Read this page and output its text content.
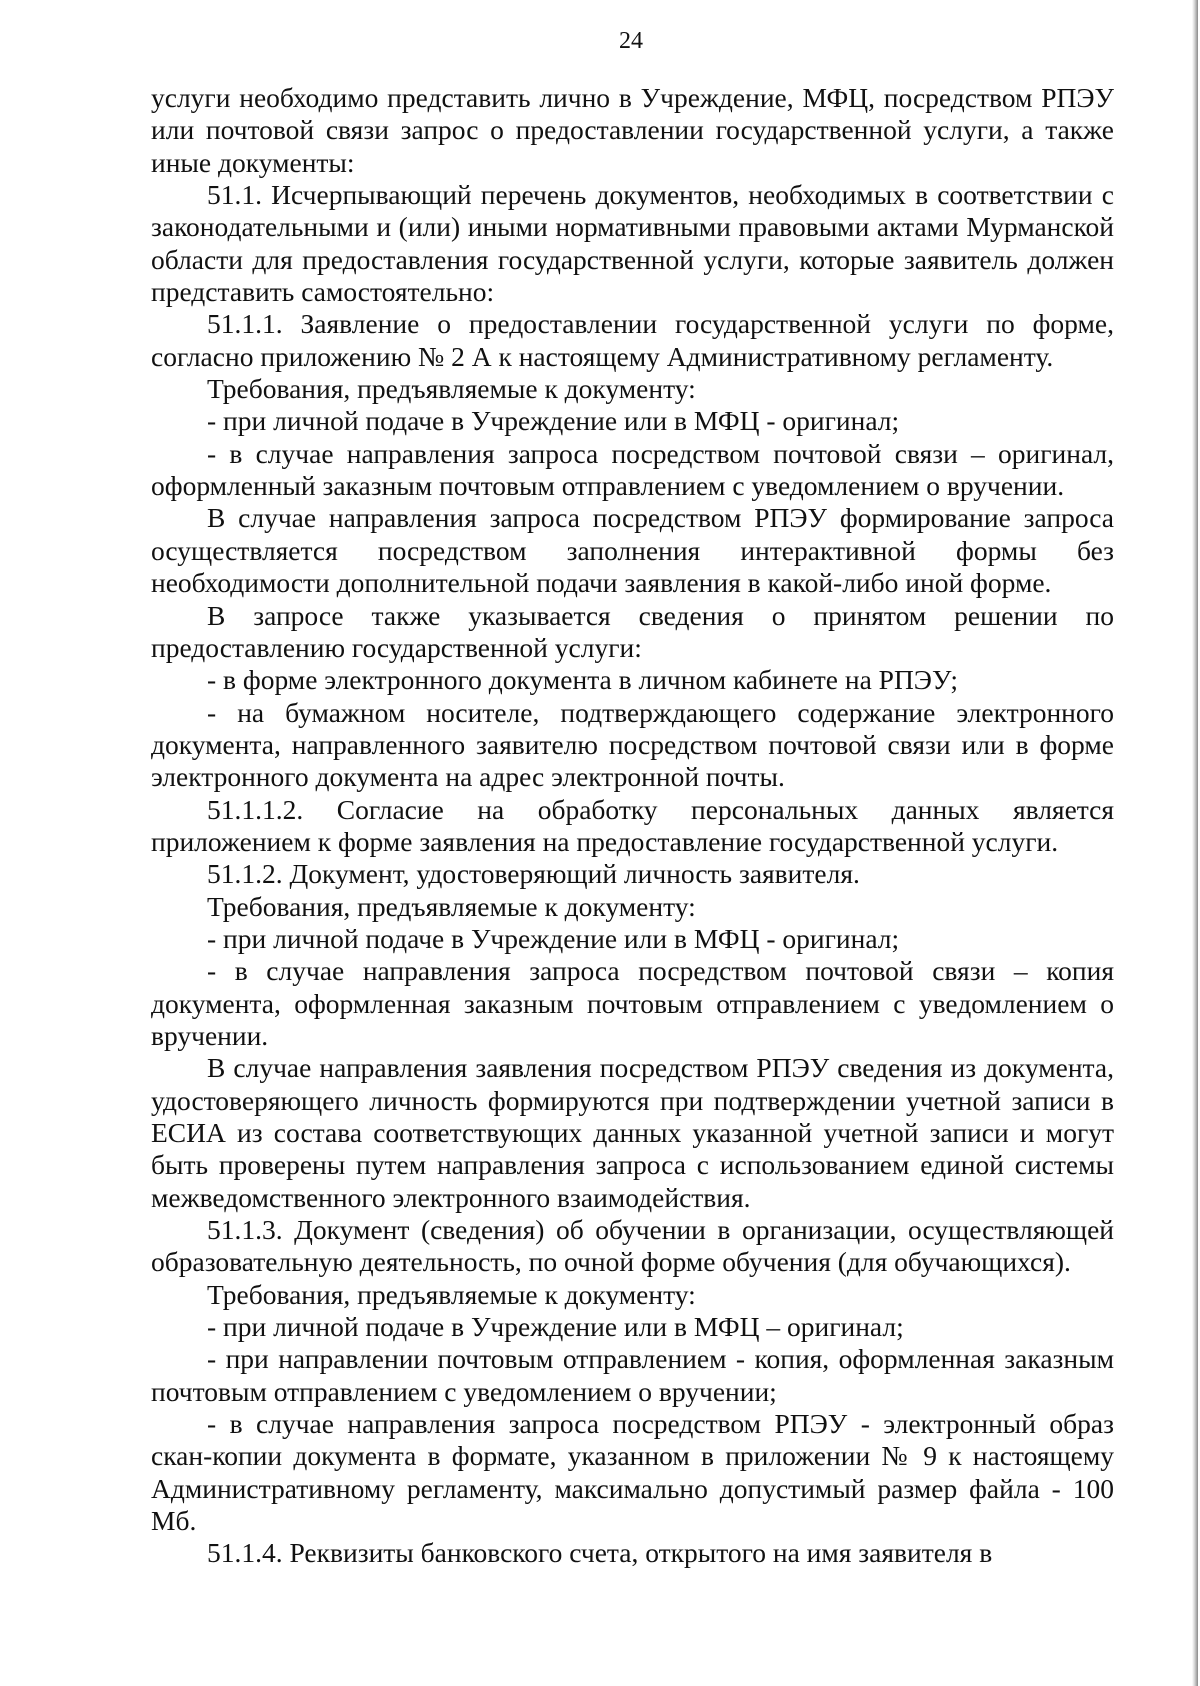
24

услуги необходимо представить лично в Учреждение, МФЦ, посредством РПЭУ или почтовой связи запрос о предоставлении государственной услуги, а также иные документы:

51.1. Исчерпывающий перечень документов, необходимых в соответствии с законодательными и (или) иными нормативными правовыми актами Мурманской области для предоставления государственной услуги, которые заявитель должен представить самостоятельно:

51.1.1. Заявление о предоставлении государственной услуги по форме, согласно приложению № 2 А к настоящему Административному регламенту.

Требования, предъявляемые к документу:

- при личной подаче в Учреждение или в МФЦ - оригинал;

- в случае направления запроса посредством почтовой связи – оригинал, оформленный заказным почтовым отправлением с уведомлением о вручении.

В случае направления запроса посредством РПЭУ формирование запроса осуществляется посредством заполнения интерактивной формы без необходимости дополнительной подачи заявления в какой-либо иной форме.

В запросе также указывается сведения о принятом решении по предоставлению государственной услуги:

- в форме электронного документа в личном кабинете на РПЭУ;

- на бумажном носителе, подтверждающего содержание электронного документа, направленного заявителю посредством почтовой связи или в форме электронного документа на адрес электронной почты.

51.1.1.2. Согласие на обработку персональных данных является приложением к форме заявления на предоставление государственной услуги.

51.1.2. Документ, удостоверяющий личность заявителя.

Требования, предъявляемые к документу:

- при личной подаче в Учреждение или в МФЦ - оригинал;

- в случае направления запроса посредством почтовой связи – копия документа, оформленная заказным почтовым отправлением с уведомлением о вручении.

В случае направления заявления посредством РПЭУ сведения из документа, удостоверяющего личность формируются при подтверждении учетной записи в ЕСИА из состава соответствующих данных указанной учетной записи и могут быть проверены путем направления запроса с использованием единой системы межведомственного электронного взаимодействия.

51.1.3. Документ (сведения) об обучении в организации, осуществляющей образовательную деятельность, по очной форме обучения (для обучающихся).

Требования, предъявляемые к документу:

- при личной подаче в Учреждение или в МФЦ – оригинал;

- при направлении почтовым отправлением - копия, оформленная заказным почтовым отправлением с уведомлением о вручении;

- в случае направления запроса посредством РПЭУ - электронный образ скан-копии документа в формате, указанном в приложении № 9 к настоящему Административному регламенту, максимально допустимый размер файла - 100 Мб.

51.1.4. Реквизиты банковского счета, открытого на имя заявителя в
